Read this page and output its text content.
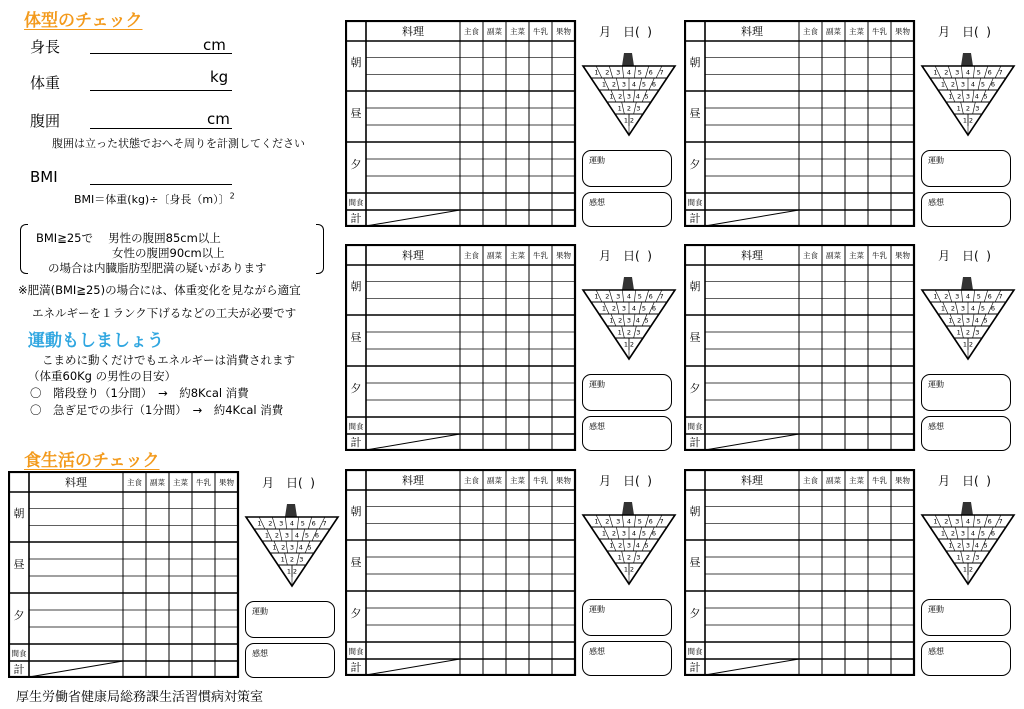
体型のチェック
身長	cm
体重	kg
腹囲	cm
腹囲は立った状態でおへそ周りを計測してください
BMI
BMI＝体重(kg)÷〔身長（m）〕$^2$
BMI≧25で　 男性の腹囲85cm以上
女性の腹囲90cm以上
の場合は内臓脂肪型肥満の疑いがあります
※肥満(BMI≧25)の場合には、体重変化を見ながら適宜
エネルギーを１ランク下げるなどの工夫が必要です
運動もしましょう
こまめに動くだけでもエネルギーは消費されます
（体重60Kg の男性の目安）
〇　階段登り（1分間）　→　約8Kcal 消費
〇　急ぎ足での歩行（1分間）　→　約4Kcal 消費
食生活のチェック
厚生労働省健康局総務課生活習慣病対策室
料理	主食 副菜 主菜 牛乳 果物
朝
昼
夕
間食
計
月　日(  )
1 2 3 4 5 6 7
1 2 3 4 5 6
1 2 3 4 5
1 2 3
1 2
運動
感想
料理	主食 副菜 主菜 牛乳 果物
朝
昼
夕
間食
計
月　日(  )
1 2 3 4 5 6 7
1 2 3 4 5 6
1 2 3 4 5
1 2 3
1 2
運動
感想
料理	主食 副菜 主菜 牛乳 果物
朝
昼
夕
間食
計
月　日(  )
1 2 3 4 5 6 7
1 2 3 4 5 6
1 2 3 4 5
1 2 3
1 2
運動
感想
料理	主食 副菜 主菜 牛乳 果物
朝
昼
夕
間食
計
月　日(  )
1 2 3 4 5 6 7
1 2 3 4 5 6
1 2 3 4 5
1 2 3
1 2
運動
感想
料理	主食 副菜 主菜 牛乳 果物
朝
昼
夕
間食
計
月　日(  )
1 2 3 4 5 6 7
1 2 3 4 5 6
1 2 3 4 5
1 2 3
1 2
運動
感想
料理	主食 副菜 主菜 牛乳 果物
朝
昼
夕
間食
計
月　日(  )
1 2 3 4 5 6 7
1 2 3 4 5 6
1 2 3 4 5
1 2 3
1 2
運動
感想
料理	主食 副菜 主菜 牛乳 果物
朝
昼
夕
間食
計
月　日(  )
1 2 3 4 5 6 7
1 2 3 4 5 6
1 2 3 4 5
1 2 3
1 2
運動
感想
